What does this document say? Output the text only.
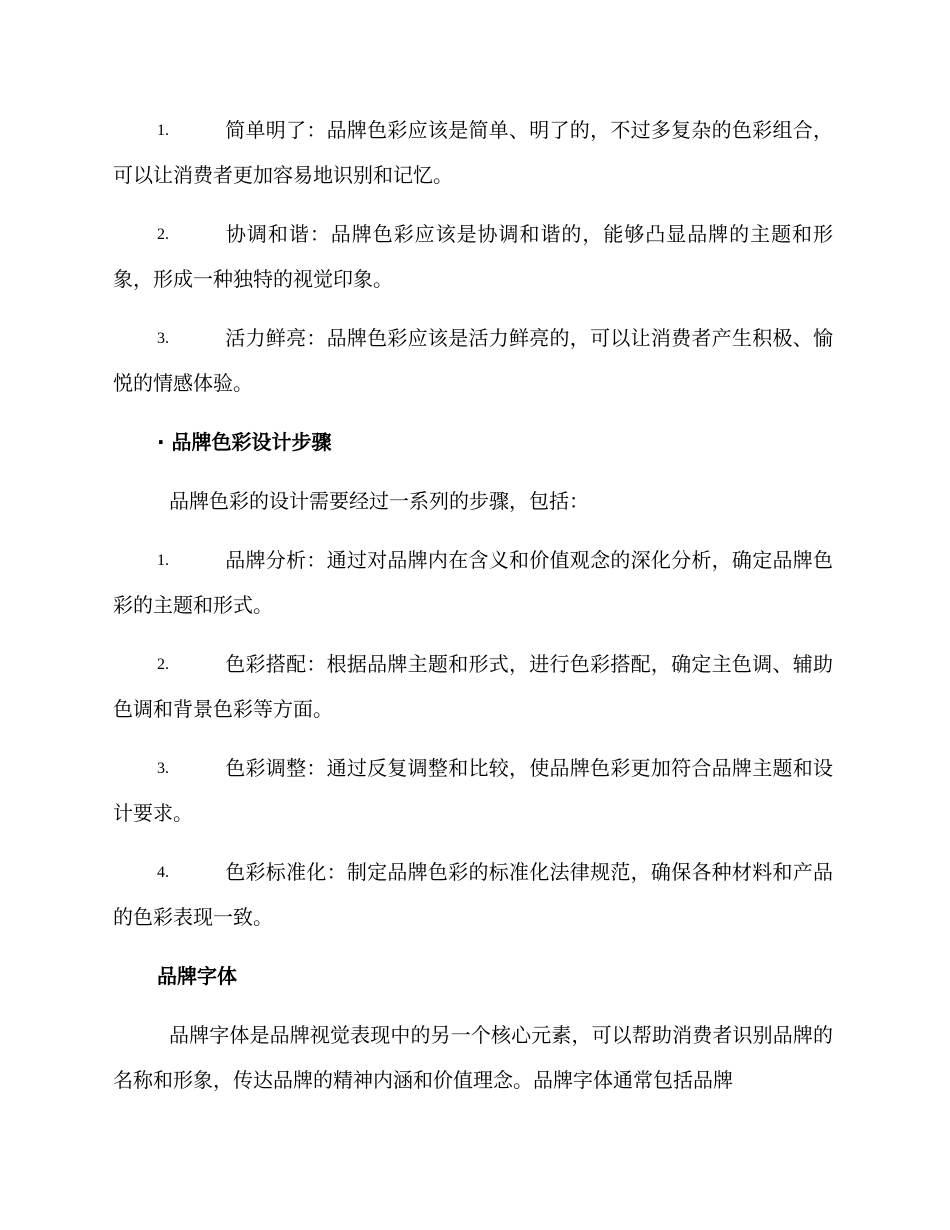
1.	简单明了：品牌色彩应该是简单、明了的，不过多复杂的色彩组合，可以让消费者更加容易地识别和记忆。
2.	协调和谐：品牌色彩应该是协调和谐的，能够凸显品牌的主题和形象，形成一种独特的视觉印象。
3.	活力鲜亮：品牌色彩应该是活力鲜亮的，可以让消费者产生积极、愉悦的情感体验。
· 品牌色彩设计步骤
品牌色彩的设计需要经过一系列的步骤，包括：
1.	品牌分析：通过对品牌内在含义和价值观念的深化分析，确定品牌色彩的主题和形式。
2.	色彩搭配：根据品牌主题和形式，进行色彩搭配，确定主色调、辅助色调和背景色彩等方面。
3.	色彩调整：通过反复调整和比较，使品牌色彩更加符合品牌主题和设计要求。
4.	色彩标准化：制定品牌色彩的标准化法律规范，确保各种材料和产品的色彩表现一致。
品牌字体
品牌字体是品牌视觉表现中的另一个核心元素，可以帮助消费者识别品牌的名称和形象，传达品牌的精神内涵和价值理念。品牌字体通常包括品牌
